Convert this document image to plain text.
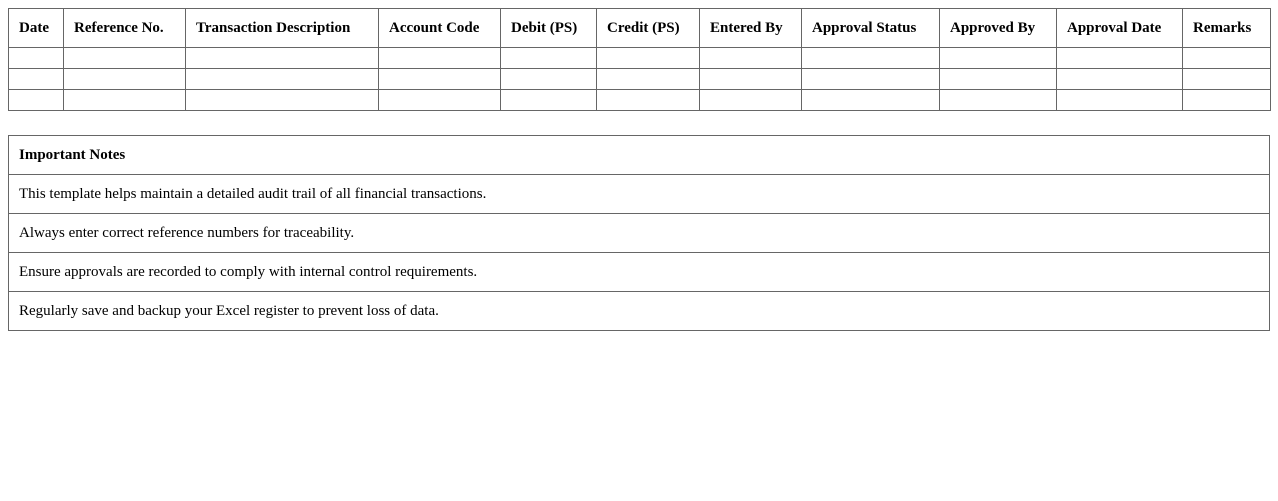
Date	Reference No.	Transaction Description	Account Code	Debit (PS)	Credit (PS)	Entered By	Approval Status	Approved By	Approval Date	Remarks

Important Notes
This template helps maintain a detailed audit trail of all financial transactions.
Always enter correct reference numbers for traceability.
Ensure approvals are recorded to comply with internal control requirements.
Regularly save and backup your Excel register to prevent loss of data.
